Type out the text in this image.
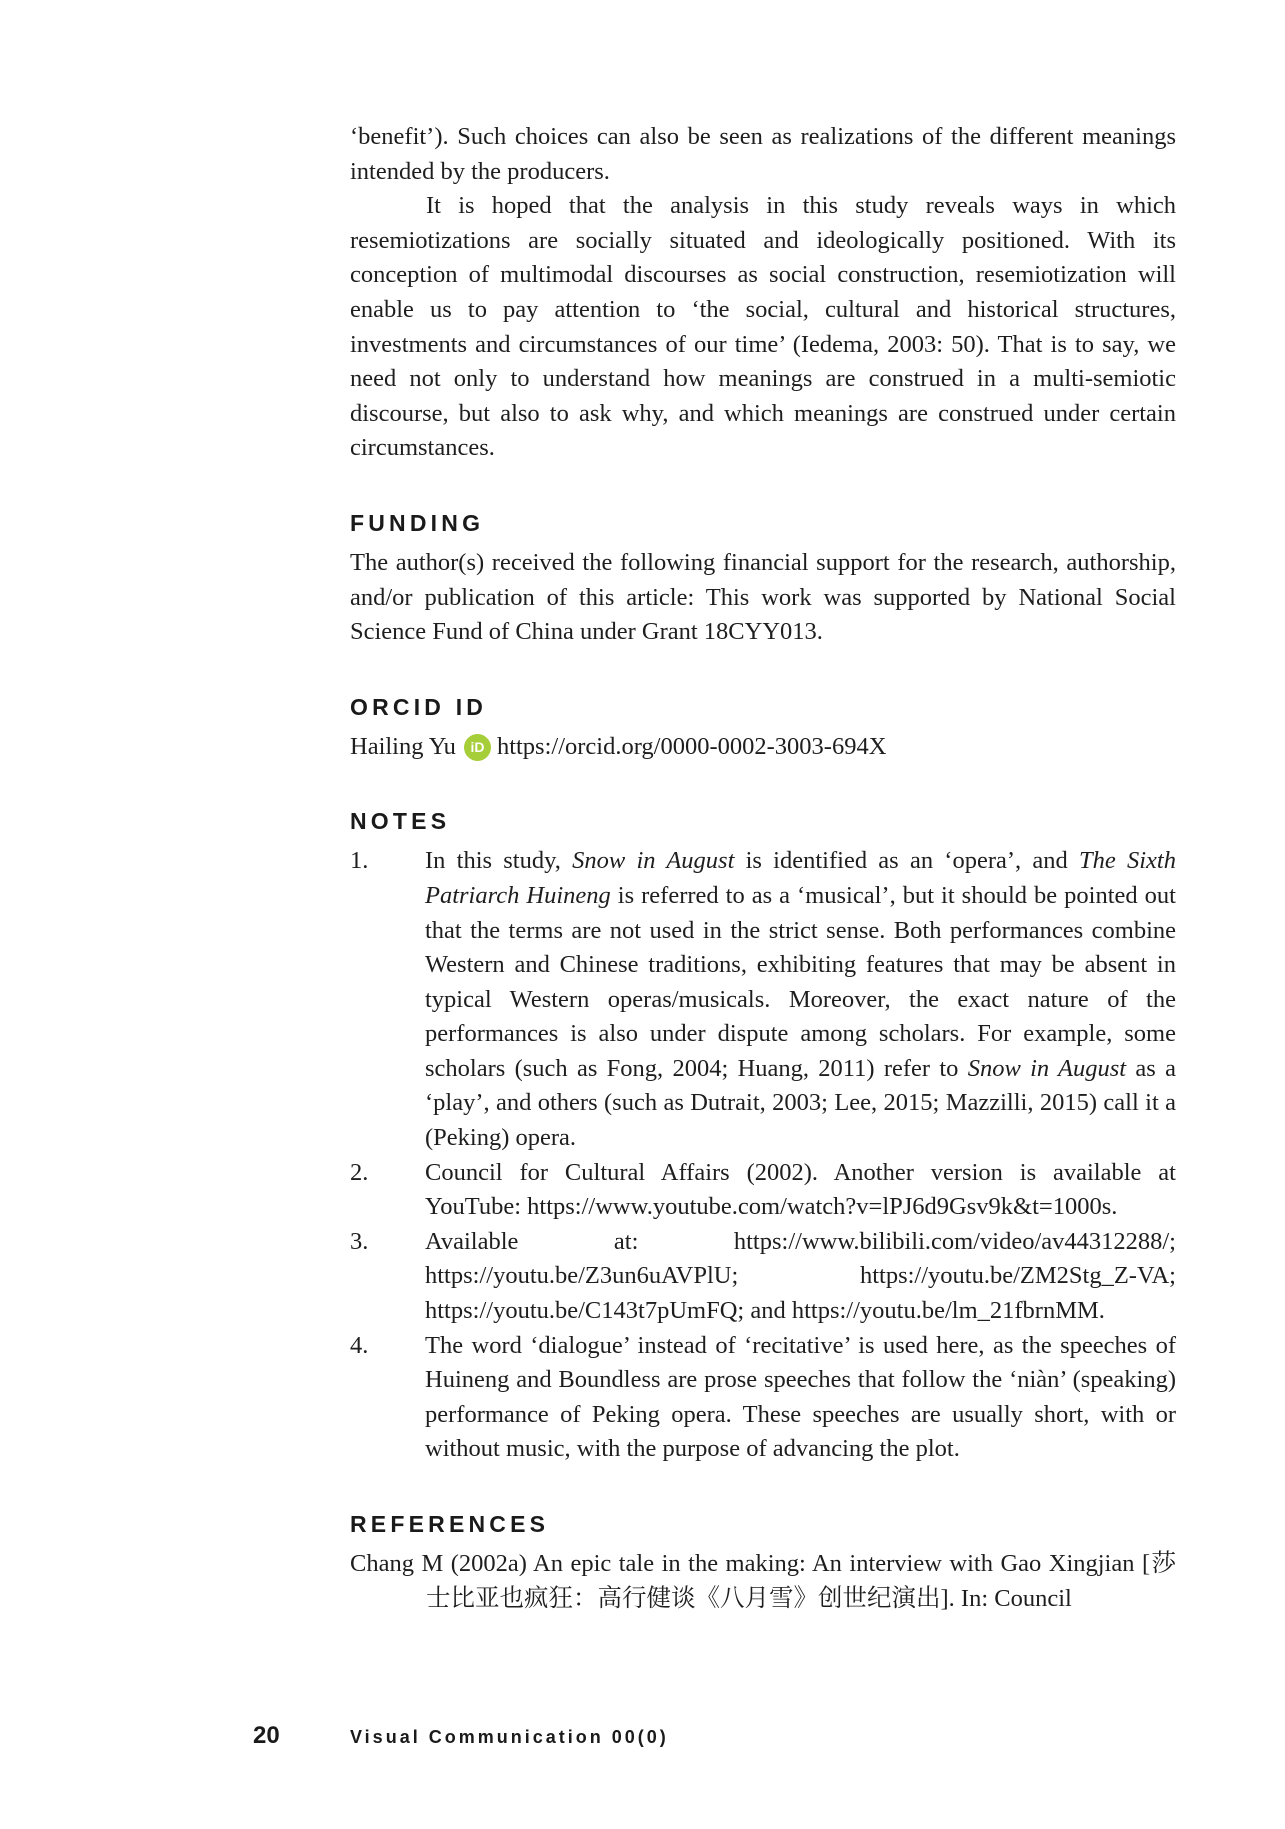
‘benefit’). Such choices can also be seen as realizations of the different meanings intended by the producers.

It is hoped that the analysis in this study reveals ways in which resemiotizations are socially situated and ideologically positioned. With its conception of multimodal discourses as social construction, resemiotization will enable us to pay attention to ‘the social, cultural and historical structures, investments and circumstances of our time’ (Iedema, 2003: 50). That is to say, we need not only to understand how meanings are construed in a multi-semiotic discourse, but also to ask why, and which meanings are construed under certain circumstances.

FUNDING

The author(s) received the following financial support for the research, authorship, and/or publication of this article: This work was supported by National Social Science Fund of China under Grant 18CYY013.

ORCID ID
Hailing Yu	iD https://orcid.org/0000-0002-3003-694X
NOTES
1.	In this study, Snow in August is identified as an ‘opera’, and The Sixth Patriarch Huineng is referred to as a ‘musical’, but it should be pointed out that the terms are not used in the strict sense. Both performances combine Western and Chinese traditions, exhibiting features that may be absent in typical Western operas/musicals. Moreover, the exact nature of the performances is also under dispute among scholars. For example, some scholars (such as Fong, 2004; Huang, 2011) refer to Snow in August as a ‘play’, and others (such as Dutrait, 2003; Lee, 2015; Mazzilli, 2015) call it a (Peking) opera.
2.	Council for Cultural Affairs (2002). Another version is available at YouTube: https://www.youtube.com/watch?v=lPJ6d9Gsv9k&t=1000s.
3.	Available at: https://www.bilibili.com/video/av44312288/; https://youtu.be/Z3un6uAVPlU; https://youtu.be/ZM2Stg_Z-VA; https://youtu.be/C143t7pUmFQ; and https://youtu.be/lm_21fbrnMM.
4.	The word ‘dialogue’ instead of ‘recitative’ is used here, as the speeches of Huineng and Boundless are prose speeches that follow the ‘niàn’ (speaking) performance of Peking opera. These speeches are usually short, with or without music, with the purpose of advancing the plot.
REFERENCES

Chang M (2002a) An epic tale in the making: An interview with Gao Xingjian [莎士比亚也疯狂：高行健谈《八月雪》创世纪演出]. In: Council

20	Visual Communication 00(0)
